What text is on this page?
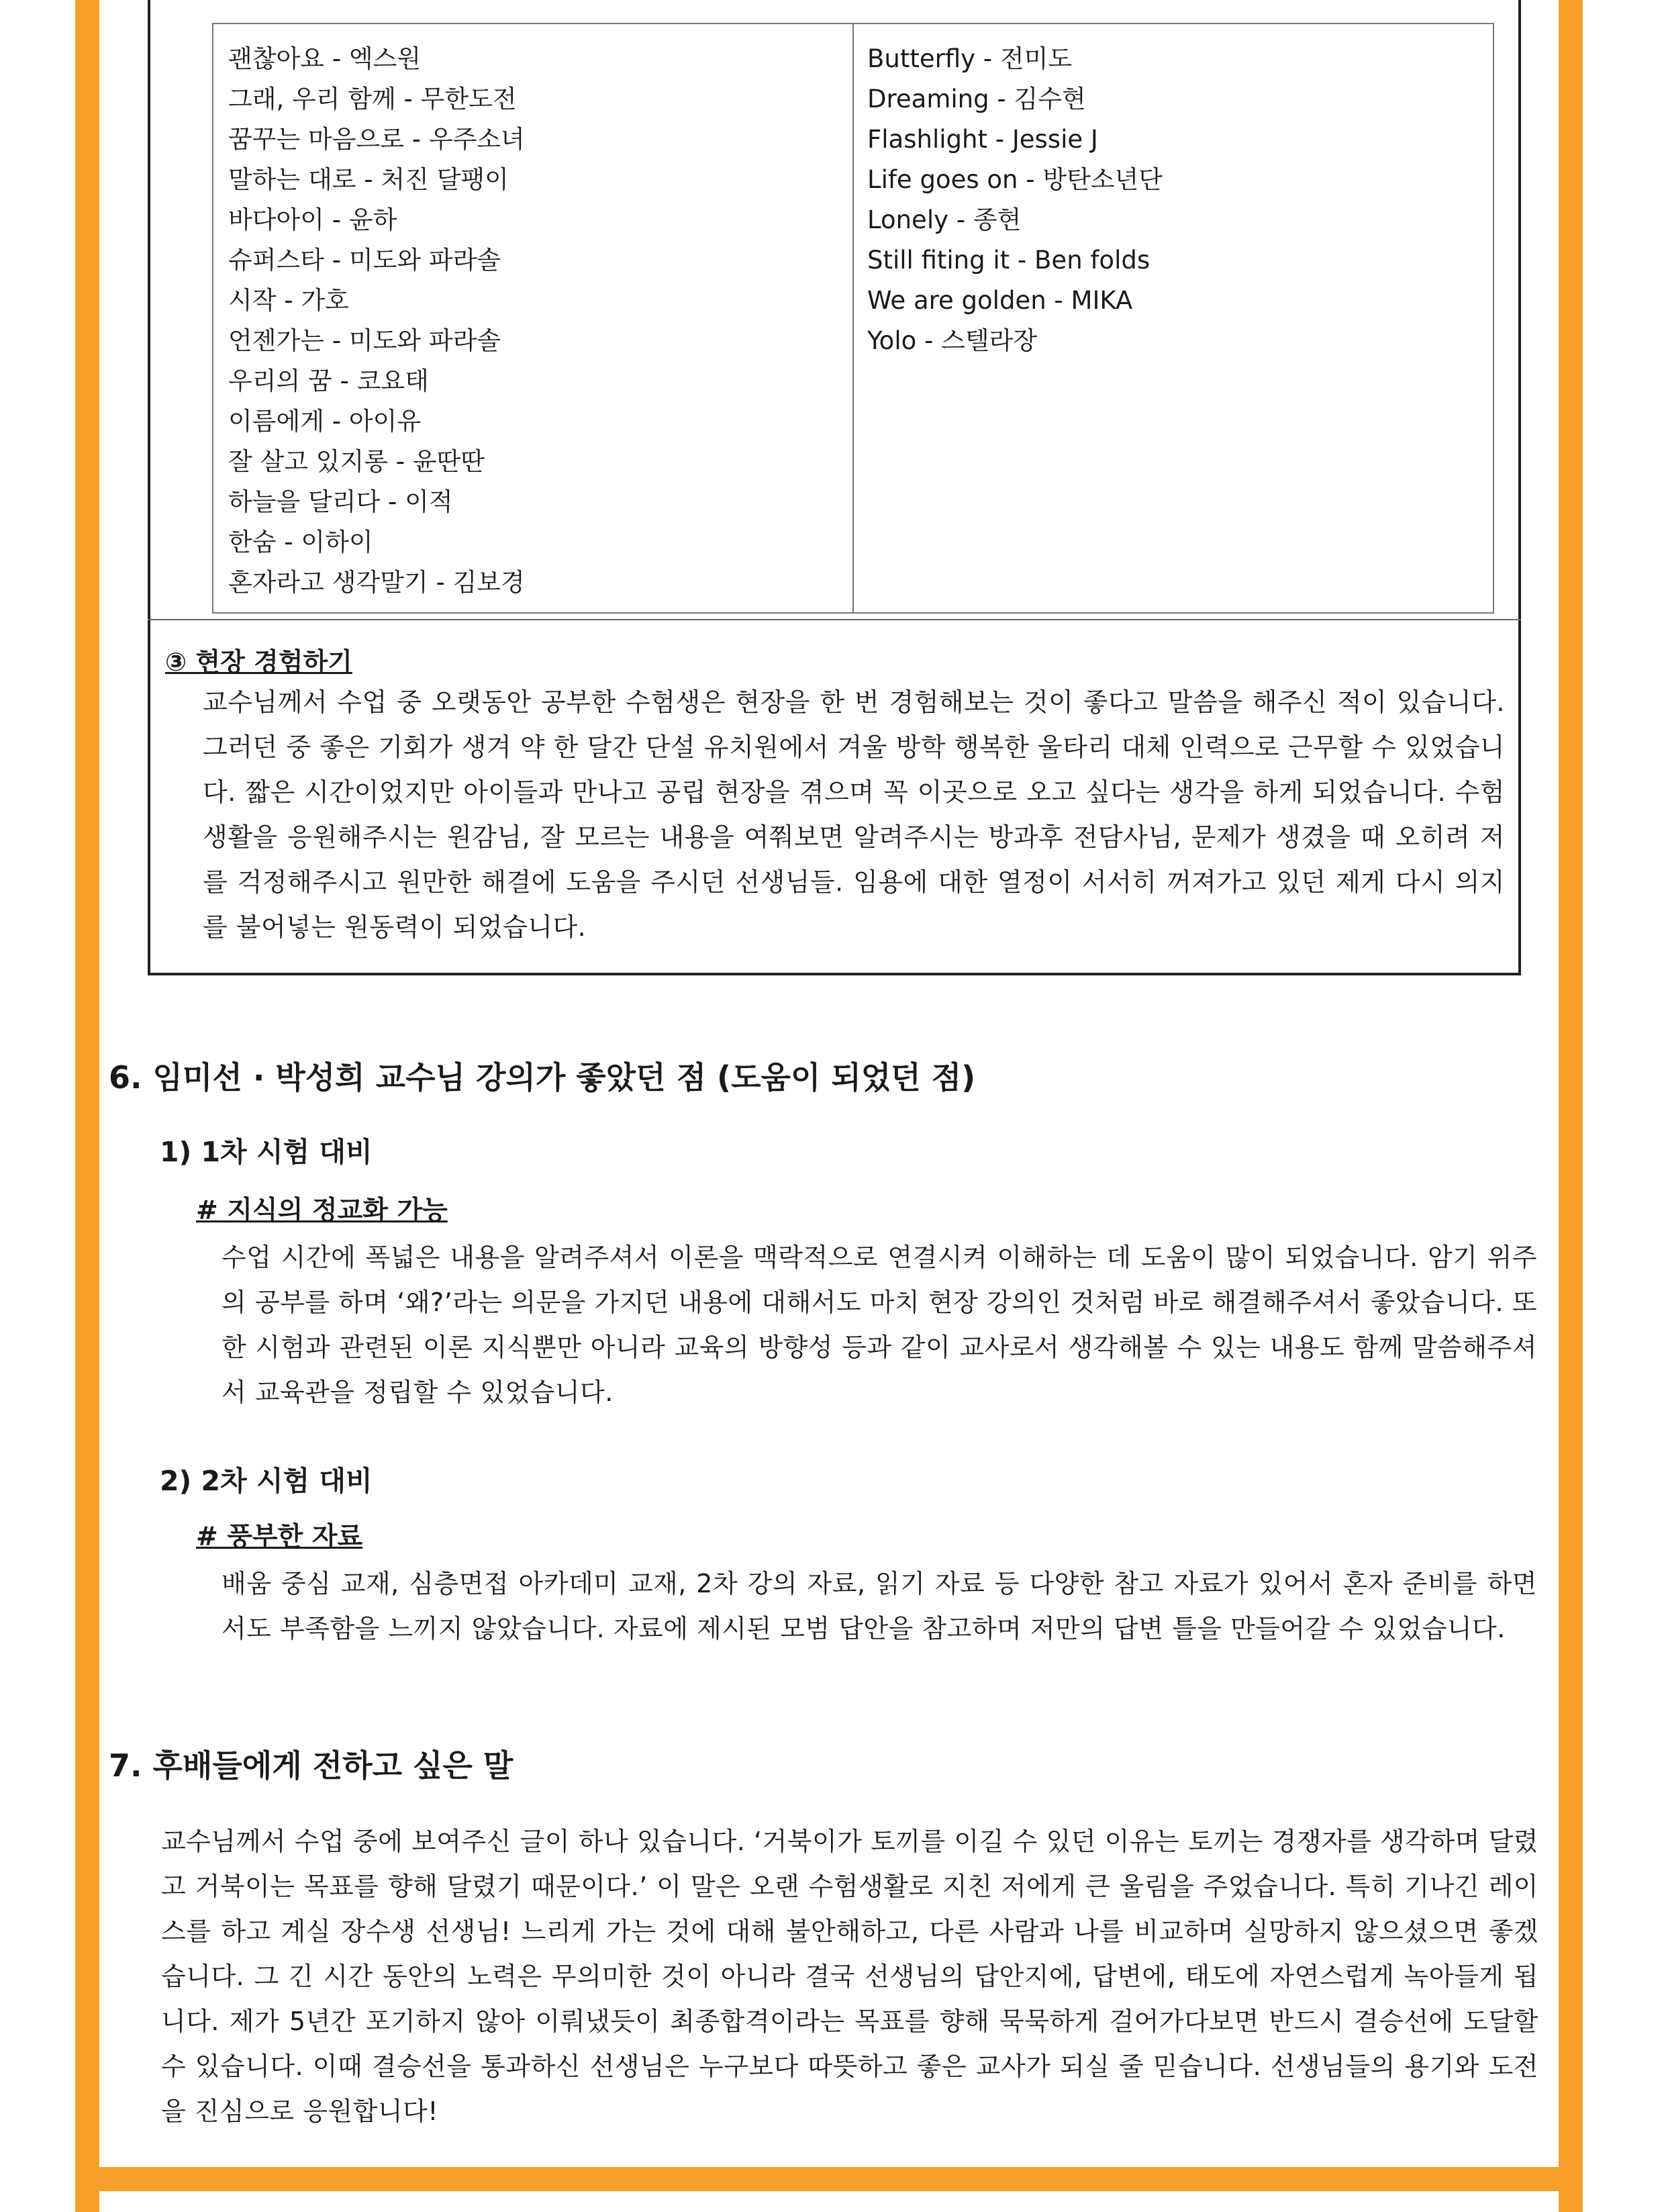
괜찮아요 - 엑스원
그래, 우리 함께 - 무한도전
꿈꾸는 마음으로 - 우주소녀
말하는 대로 - 처진 달팽이
바다아이 - 윤하
슈퍼스타 - 미도와 파라솔
시작 - 가호
언젠가는 - 미도와 파라솔
우리의 꿈 - 코요태
이름에게 - 아이유
잘 살고 있지롱 - 윤딴딴
하늘을 달리다 - 이적
한숨 - 이하이
혼자라고 생각말기 - 김보경
Butterfly - 전미도
Dreaming - 김수현
Flashlight - Jessie J
Life goes on - 방탄소년단
Lonely - 종현
Still fiting it - Ben folds
We are golden - MIKA
Yolo - 스텔라장
③ 현장 경험하기
교수님께서 수업 중 오랫동안 공부한 수험생은 현장을 한 번 경험해보는 것이 좋다고 말씀을 해주신 적이 있습니다. 그러던 중 좋은 기회가 생겨 약 한 달간 단설 유치원에서 겨울 방학 행복한 울타리 대체 인력으로 근무할 수 있었습니다. 짧은 시간이었지만 아이들과 만나고 공립 현장을 겪으며 꼭 이곳으로 오고 싶다는 생각을 하게 되었습니다. 수험 생활을 응원해주시는 원감님, 잘 모르는 내용을 여쭤보면 알려주시는 방과후 전담사님, 문제가 생겼을 때 오히려 저를 걱정해주시고 원만한 해결에 도움을 주시던 선생님들. 임용에 대한 열정이 서서히 꺼져가고 있던 제게 다시 의지를 불어넣는 원동력이 되었습니다.
6. 임미선 · 박성희 교수님 강의가 좋았던 점 (도움이 되었던 점)
1) 1차 시험 대비
# 지식의 정교화 가능
수업 시간에 폭넓은 내용을 알려주셔서 이론을 맥락적으로 연결시켜 이해하는 데 도움이 많이 되었습니다. 암기 위주의 공부를 하며 ‘왜?’라는 의문을 가지던 내용에 대해서도 마치 현장 강의인 것처럼 바로 해결해주셔서 좋았습니다. 또한 시험과 관련된 이론 지식뿐만 아니라 교육의 방향성 등과 같이 교사로서 생각해볼 수 있는 내용도 함께 말씀해주셔서 교육관을 정립할 수 있었습니다.
2) 2차 시험 대비
# 풍부한 자료
배움 중심 교재, 심층면접 아카데미 교재, 2차 강의 자료, 읽기 자료 등 다양한 참고 자료가 있어서 혼자 준비를 하면서도 부족함을 느끼지 않았습니다. 자료에 제시된 모범 답안을 참고하며 저만의 답변 틀을 만들어갈 수 있었습니다.
7. 후배들에게 전하고 싶은 말
교수님께서 수업 중에 보여주신 글이 하나 있습니다. ‘거북이가 토끼를 이길 수 있던 이유는 토끼는 경쟁자를 생각하며 달렸고 거북이는 목표를 향해 달렸기 때문이다.’ 이 말은 오랜 수험생활로 지친 저에게 큰 울림을 주었습니다. 특히 기나긴 레이스를 하고 계실 장수생 선생님! 느리게 가는 것에 대해 불안해하고, 다른 사람과 나를 비교하며 실망하지 않으셨으면 좋겠습니다. 그 긴 시간 동안의 노력은 무의미한 것이 아니라 결국 선생님의 답안지에, 답변에, 태도에 자연스럽게 녹아들게 됩니다. 제가 5년간 포기하지 않아 이뤄냈듯이 최종합격이라는 목표를 향해 묵묵하게 걸어가다보면 반드시 결승선에 도달할 수 있습니다. 이때 결승선을 통과하신 선생님은 누구보다 따뜻하고 좋은 교사가 되실 줄 믿습니다. 선생님들의 용기와 도전을 진심으로 응원합니다!
